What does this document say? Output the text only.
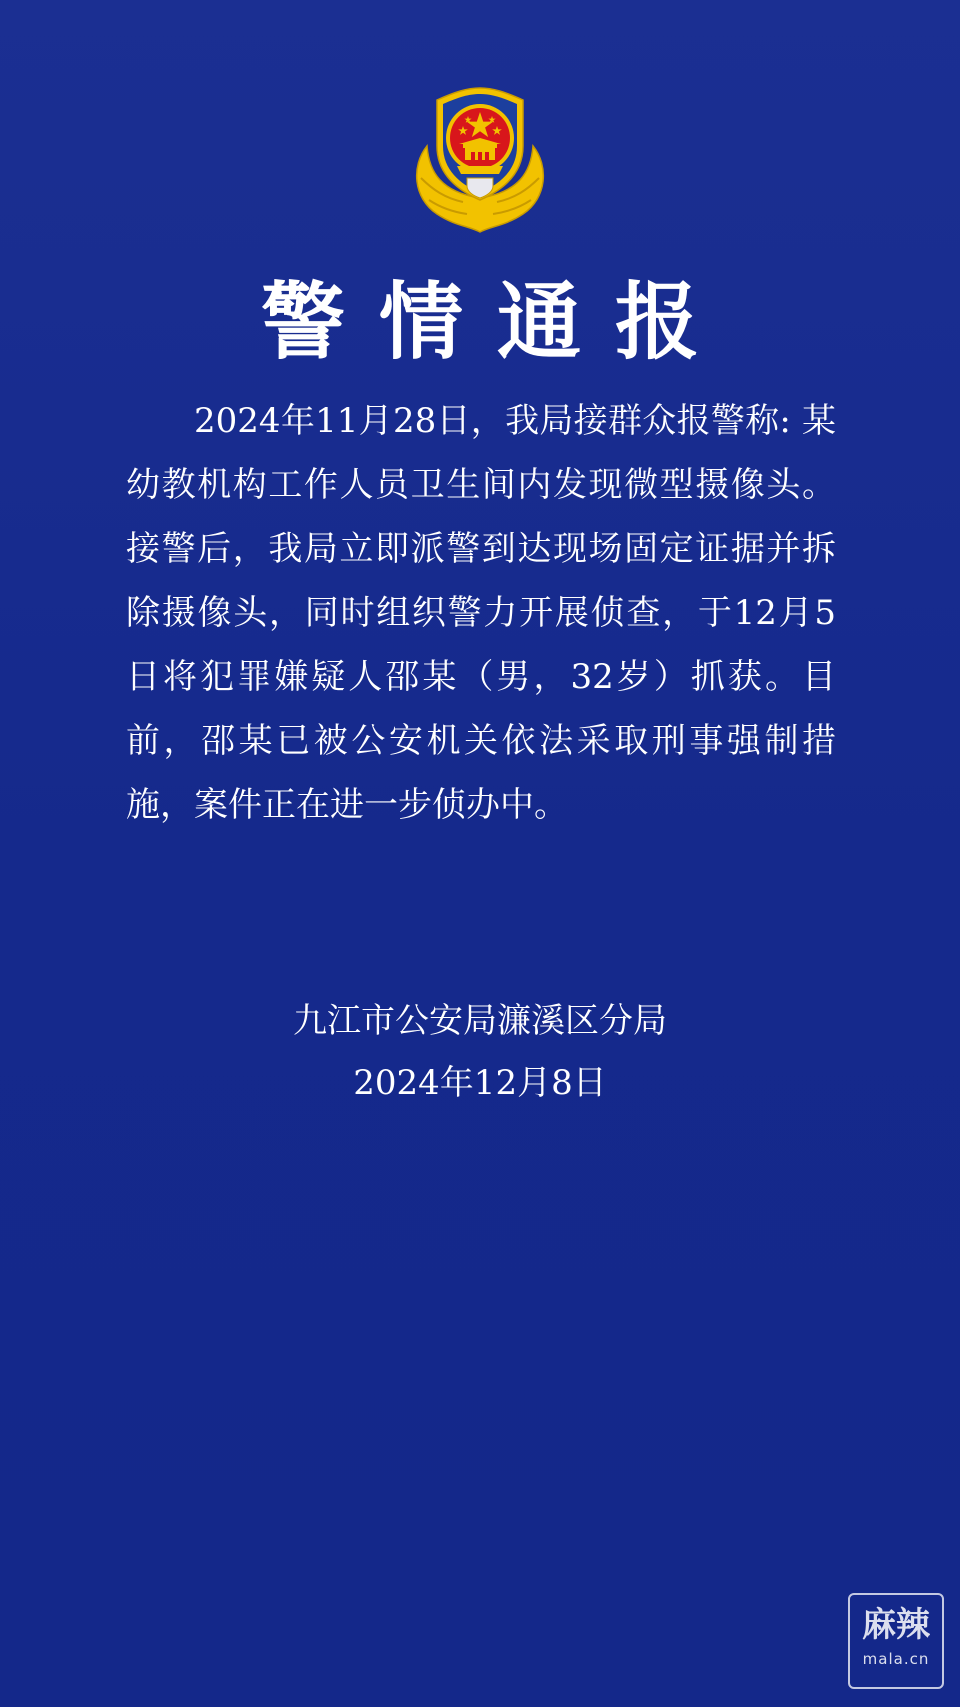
警情通报

2024年11月28日，我局接群众报警称: 某幼教机构工作人员卫生间内发现微型摄像头。接警后，我局立即派警到达现场固定证据并拆除摄像头，同时组织警力开展侦查，于12月5日将犯罪嫌疑人邵某（男，32岁）抓获。目前，邵某已被公安机关依法采取刑事强制措施，案件正在进一步侦办中。

九江市公安局濂溪区分局
2024年12月8日
麻辣
mala.cn
